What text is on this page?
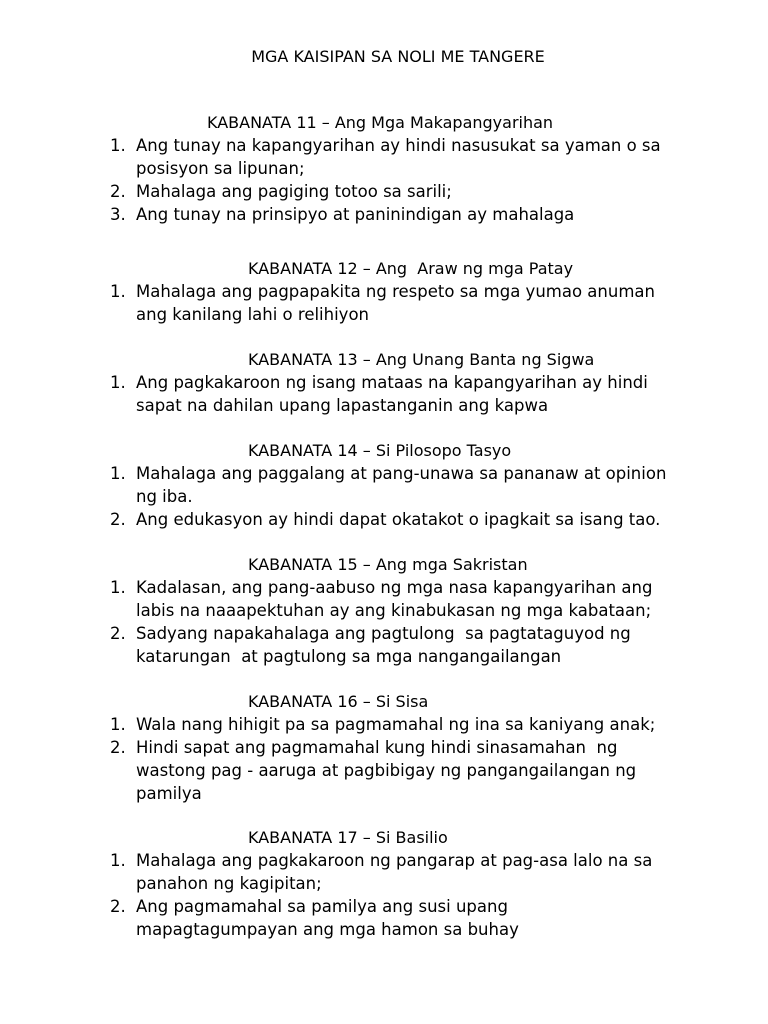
MGA KAISIPAN SA NOLI ME TANGERE
KABANATA 11 – Ang Mga Makapangyarihan
1. Ang tunay na kapangyarihan ay hindi nasusukat sa yaman o sa
posisyon sa lipunan;
2. Mahalaga ang pagiging totoo sa sarili;
3. Ang tunay na prinsipyo at paninindigan ay mahalaga
KABANATA 12 – Ang  Araw ng mga Patay
1. Mahalaga ang pagpapakita ng respeto sa mga yumao anuman
ang kanilang lahi o relihiyon
KABANATA 13 – Ang Unang Banta ng Sigwa
1. Ang pagkakaroon ng isang mataas na kapangyarihan ay hindi
sapat na dahilan upang lapastanganin ang kapwa
KABANATA 14 – Si Pilosopo Tasyo
1. Mahalaga ang paggalang at pang-unawa sa pananaw at opinion
ng iba.
2. Ang edukasyon ay hindi dapat okatakot o ipagkait sa isang tao.
KABANATA 15 – Ang mga Sakristan
1. Kadalasan, ang pang-aabuso ng mga nasa kapangyarihan ang
labis na naaapektuhan ay ang kinabukasan ng mga kabataan;
2. Sadyang napakahalaga ang pagtulong  sa pagtataguyod ng
katarungan  at pagtulong sa mga nangangailangan
KABANATA 16 – Si Sisa
1. Wala nang hihigit pa sa pagmamahal ng ina sa kaniyang anak;
2. Hindi sapat ang pagmamahal kung hindi sinasamahan  ng
wastong pag - aaruga at pagbibigay ng pangangailangan ng
pamilya
KABANATA 17 – Si Basilio
1. Mahalaga ang pagkakaroon ng pangarap at pag-asa lalo na sa
panahon ng kagipitan;
2. Ang pagmamahal sa pamilya ang susi upang
mapagtagumpayan ang mga hamon sa buhay
